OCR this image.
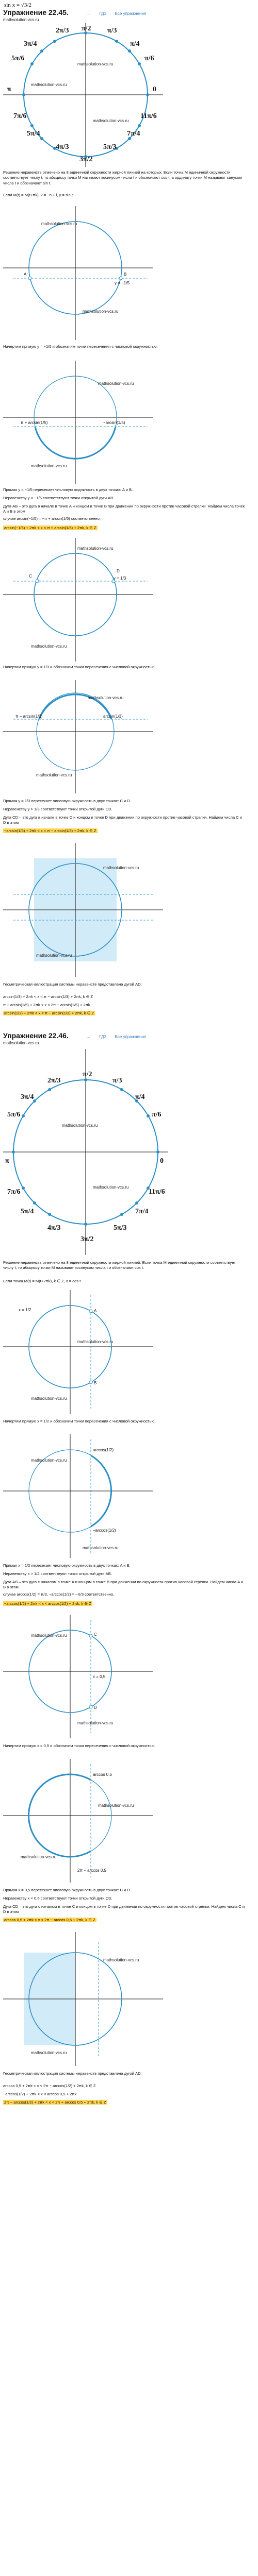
sin x = √3/2
Упражнение 22.45.	← ГДЗ Все упражнения
mathsolution-vcs.ru
π/2
2π/3	π/3
3π/4	π/4
5π/6	π/6
π	0
7π/6	11π/6
5π/4	7π/4
4π/3	5π/3
3π/2
mathsolution-vcs.ru
mathsolution-vcs.ru
mathsolution-vcs.ru
Решение неравенств отмечено на 8 единичной окружности жирной линией на которых. Если точка M единичной окружности соответствует числу t, то абсциссу точки M называют косинусом числа t и обозначают cos t, а ординату точки M называют синусом числа t и обозначают sin t.
Если M(t) = M(t+πk), k = −n + l, y = sin t
y = −1/5
A	B
mathsolution-vcs.ru
mathsolution-vcs.ru
Начертим прямую y = −1/5 и обозначим точки пересечения с числовой окружностью.
π + arcsin(1/5)	−arcsin(1/5)
mathsolution-vcs.ru
mathsolution-vcs.ru
Прямая y = −1/5 пересекает числовую окружность в двух точках: A и B.
Неравенству y < −1/5 соответствуют точки открытой дуги AB.
Дуга AB – это дуга в начале в точке A и концом в точке B при движении по окружности против часовой стрелки. Найдем числа точек A и B в этом
случае arcsin(−1/5) = −π + arcsin(1/5) соответственно,
arcsin(−1/5) + 2πk < x < π + arcsin(1/5) + 2πk, k ∈ Z
y = 1/3
C
D
mathsolution-vcs.ru
mathsolution-vcs.ru
Начертим прямую y = 1/3 и обозначим точки пересечения с числовой окружностью.
arcsin(1/3)
π − arcsin(1/3)
mathsolution-vcs.ru
mathsolution-vcs.ru
Прямая y = 1/3 пересекает числовую окружность в двух точках: C и D.
Неравенству y > 1/3 соответствуют точки открытой дуги CD.
Дуга CD – это дуга в начале в точке C и концом в точке D при движении по окружности против часовой стрелки. Найдем числа C и D в этом
−arcsin(1/3) + 2πk < x < π − arcsin(1/3) + 2πk, k ∈ Z
mathsolution-vcs.ru
mathsolution-vcs.ru
Геометрическая иллюстрация системы неравенств представлена дугой AD:
arcsin(1/3) + 2πk < x < π − arcsin(1/3) + 2πk, k ∈ Z
π + arcsin(1/5) + 2πk < x < 2π − arcsin(1/5) + 2πk
arcsin(1/3) + 2πk < x < π − arcsin(1/3) + 2πk, k ∈ Z
Упражнение 22.46.	← ГДЗ Все упражнения
mathsolution-vcs.ru
π/2
2π/3	π/3
3π/4	π/4
5π/6	π/6
π	0
7π/6	11π/6
5π/4	7π/4
4π/3	5π/3
3π/2
mathsolution-vcs.ru
mathsolution-vcs.ru
Решение неравенств отмечено на 8 единичной окружности жирной линией. Если точка M единичной окружности соответствует числу t, то абсциссу точки M называют косинусом числа t и обозначают cos t.
Если точка M(t) = M(t+2πk), k ∈ Z, x = cos t
x = 1/2	A
B
mathsolution-vcs.ru
mathsolution-vcs.ru
Начертим прямую x = 1/2 и обозначим точки пересечения с числовой окружностью.
arccos(1/2)
−arccos(1/2)
mathsolution-vcs.ru
mathsolution-vcs.ru
Прямая x = 1/2 пересекает числовую окружность в двух точках: A и B.
Неравенству x > 1/2 соответствуют точки открытой дуги AB.
Дуга AB – это дуга с началом в точке A и концом в точке B при движении по окружности против часовой стрелки. Найдем числа A и B в этом
случае arccos(1/2) = π/3, −arccos(1/2) = −π/3 соответственно,
−arccos(1/2) + 2πk < x < arccos(1/2) + 2πk, k ∈ Z
x = 0,5
C
D
mathsolution-vcs.ru
mathsolution-vcs.ru
Начертим прямую x = 0,5 и обозначим точки пересечения с числовой окружностью.
arccos 0,5
2π − arccos 0,5
mathsolution-vcs.ru
mathsolution-vcs.ru
Прямая x = 0,5 пересекает числовую окружность в двух точках: C и D.
Неравенству x < 0,5 соответствуют точки открытой дуги CD.
Дуга CD – это дуга с началом в точке C и концом в точке D при движении по окружности против часовой стрелки. Найдем числа C и D в этом
arccos 0,5 + 2πk < x < 2π − arccos 0,5 + 2πk, k ∈ Z
mathsolution-vcs.ru
mathsolution-vcs.ru
Геометрическая иллюстрация системы неравенств представлена дугой AD:
arccos 0,5 + 2πk < x < 2π − arccos(1/2) + 2πk, k ∈ Z
−arccos(1/2) + 2πk < x < arccos 0,5 + 2πk
2π − arccos(1/2) + 2πk < x < 2π + arccos 0,5 + 2πk, k ∈ Z
